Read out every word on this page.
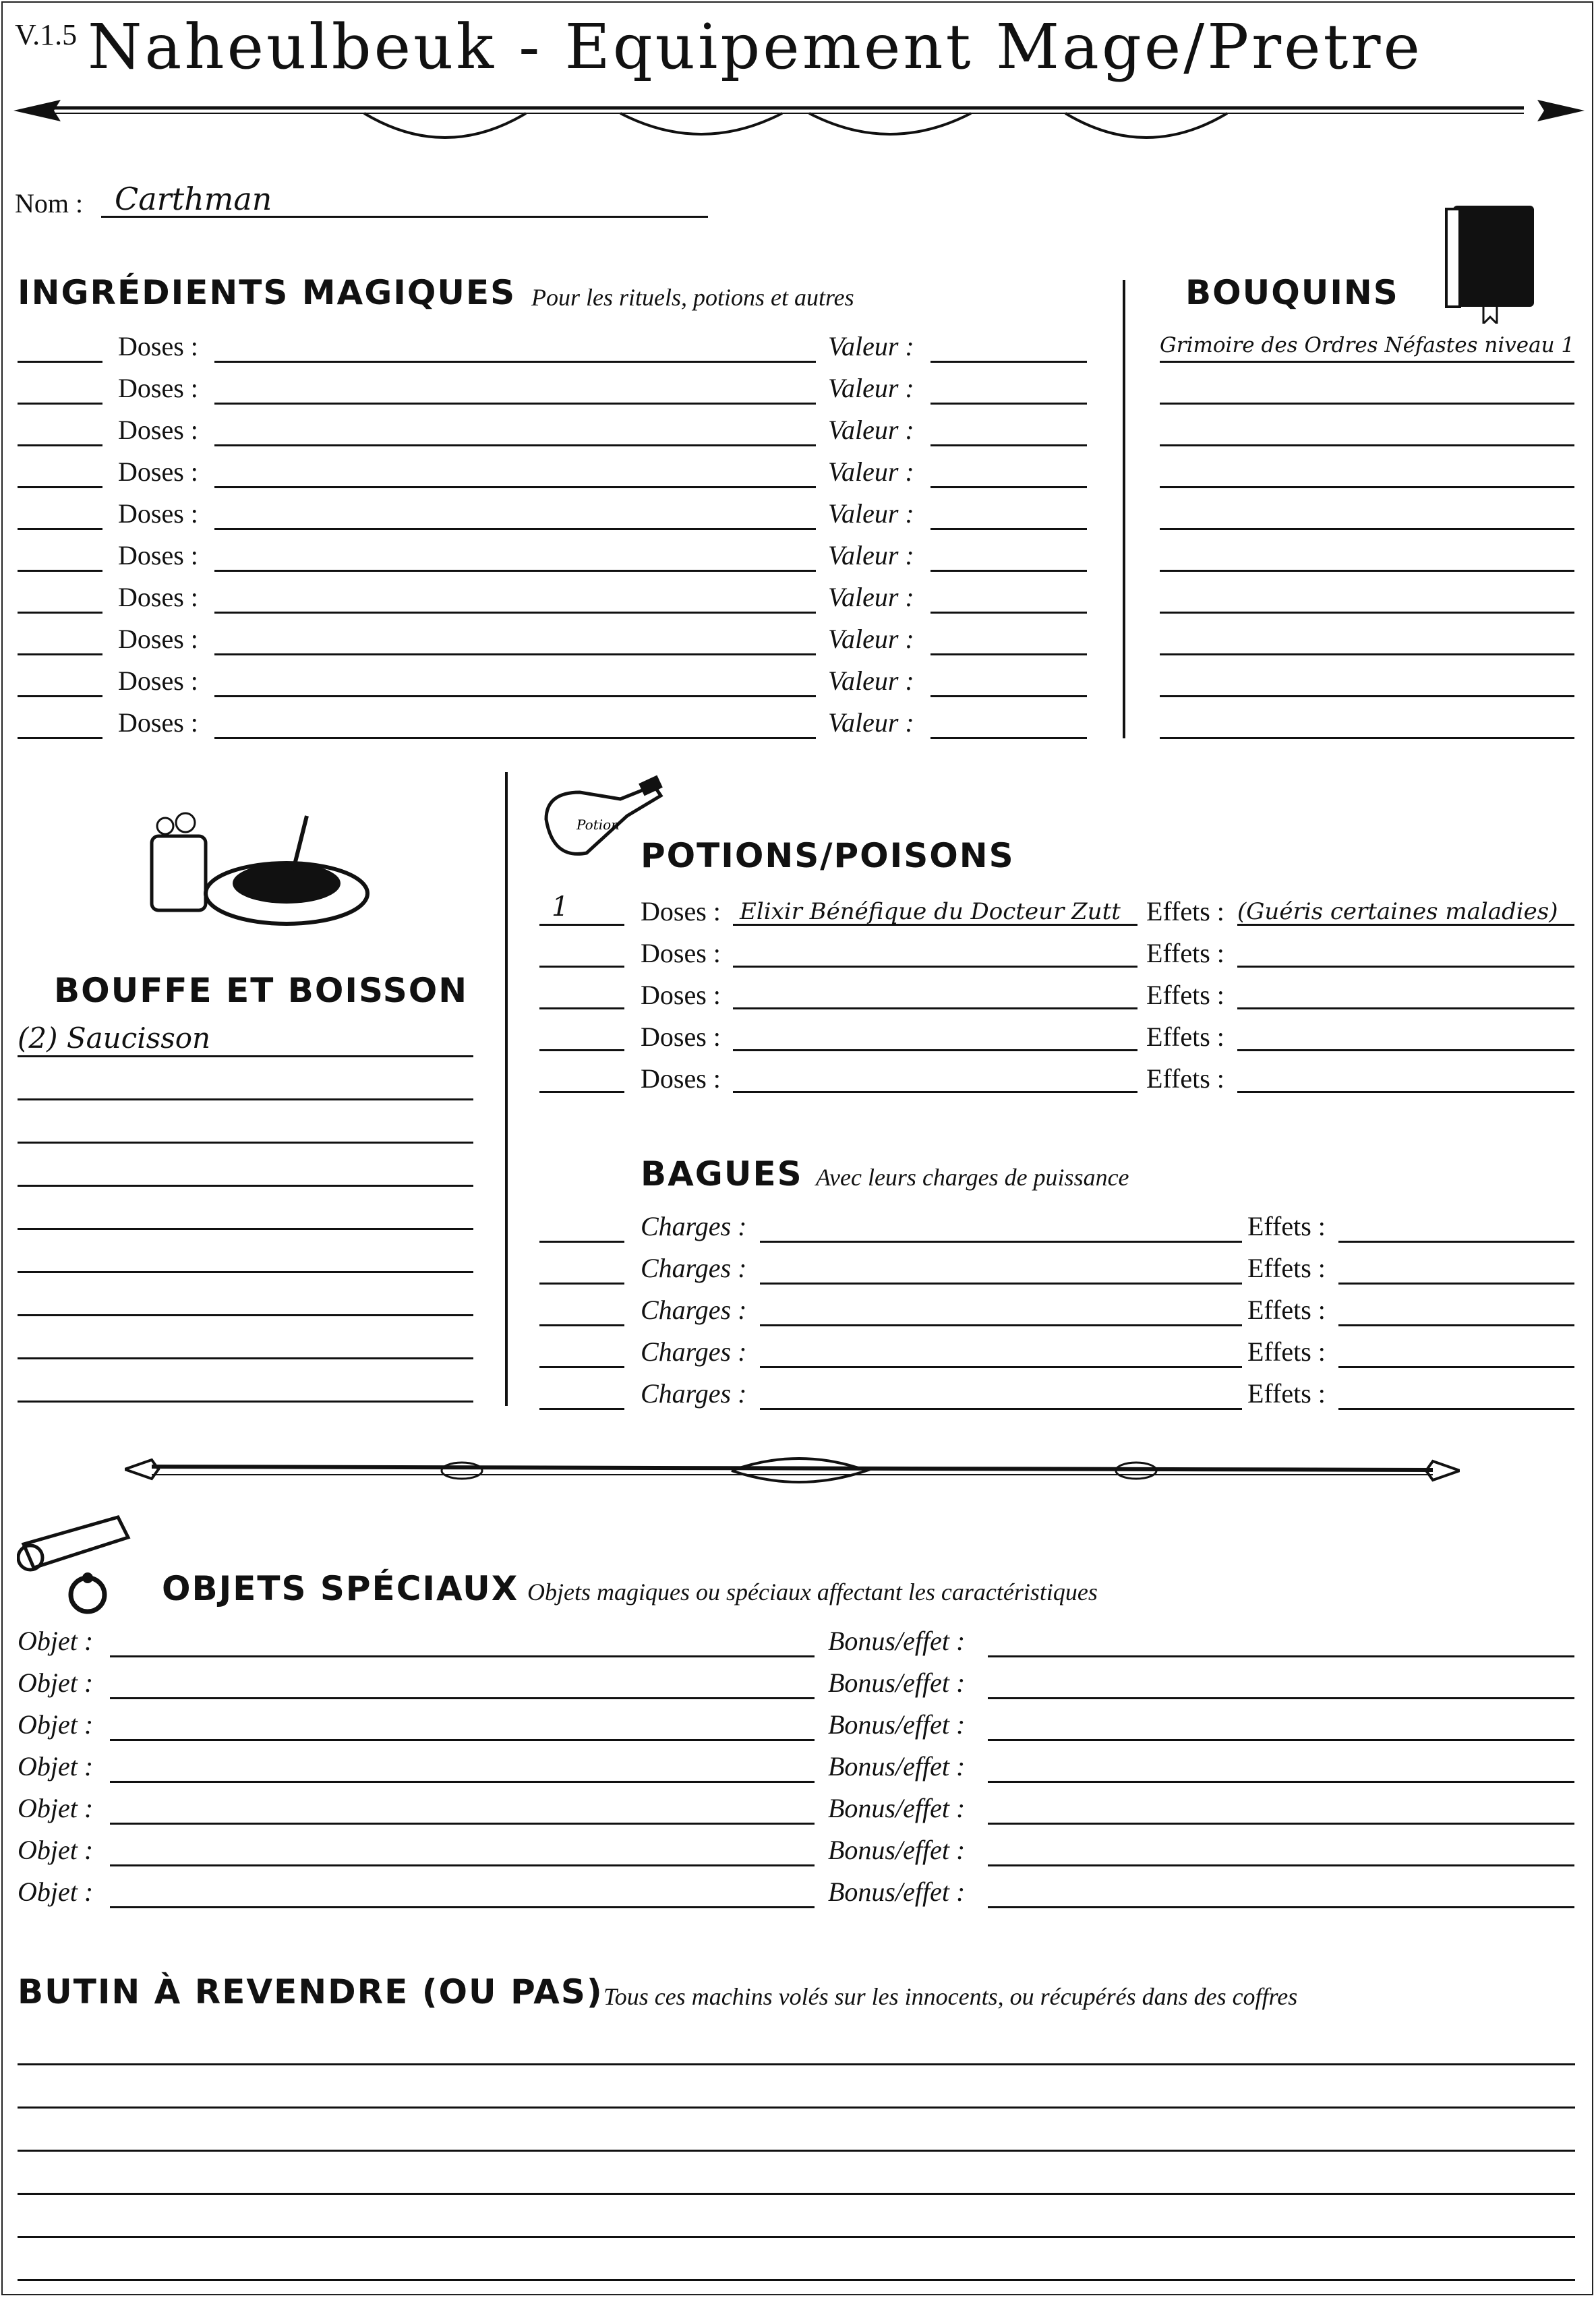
V.1.5 Naheulbeuk - Equipement Mage/Pretre
Nom : Carthman
INGRÉDIENTS MAGIQUES Pour les rituels, potions et autres
Doses :	Valeur :
Doses :	Valeur :
Doses :	Valeur :
Doses :	Valeur :
Doses :	Valeur :
Doses :	Valeur :
Doses :	Valeur :
Doses :	Valeur :
Doses :	Valeur :
Doses :	Valeur :
BOUQUINS
Grimoire des Ordres Néfastes niveau 1
BOUFFE ET BOISSON
(2) Saucisson
Potion
POTIONS/POISONS
1	Doses : Elixir Bénéfique du Docteur Zutt Effets : (Guéris certaines maladies)
Doses :	Effets :
Doses :	Effets :
Doses :	Effets :
Doses :	Effets :
BAGUES Avec leurs charges de puissance
Charges :	Effets :
Charges :	Effets :
Charges :	Effets :
Charges :	Effets :
Charges :	Effets :
OBJETS SPÉCIAUX Objets magiques ou spéciaux affectant les caractéristiques
Objet :	Bonus/effet :
Objet :	Bonus/effet :
Objet :	Bonus/effet :
Objet :	Bonus/effet :
Objet :	Bonus/effet :
Objet :	Bonus/effet :
Objet :	Bonus/effet :
BUTIN À REVENDRE (OU PAS) Tous ces machins volés sur les innocents, ou récupérés dans des coffres
